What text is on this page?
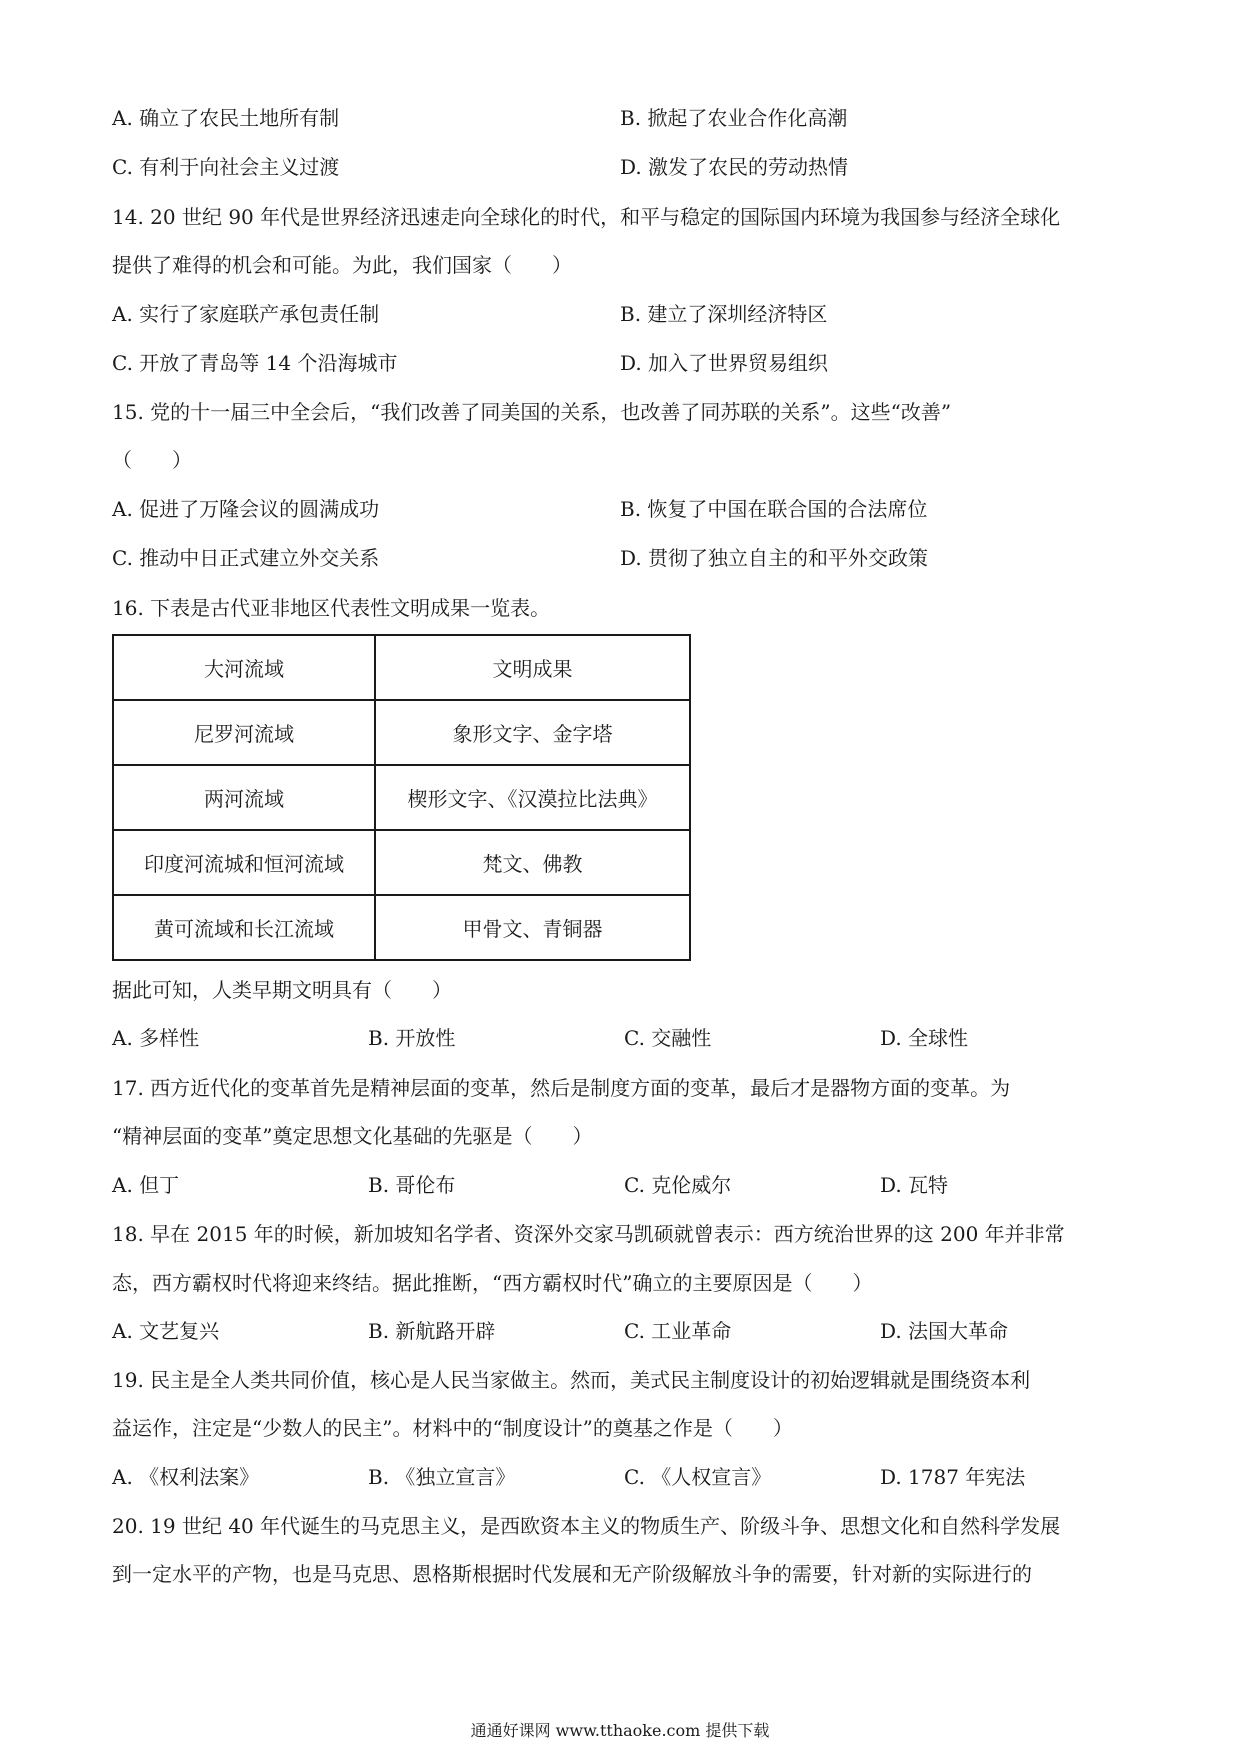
A. 确立了农民土地所有制	B. 掀起了农业合作化高潮
C. 有利于向社会主义过渡	D. 激发了农民的劳动热情
14. 20 世纪 90 年代是世界经济迅速走向全球化的时代，和平与稳定的国际国内环境为我国参与经济全球化
提供了难得的机会和可能。为此，我们国家（　　）
A. 实行了家庭联产承包责任制	B. 建立了深圳经济特区
C. 开放了青岛等 14 个沿海城市	D. 加入了世界贸易组织
15. 党的十一届三中全会后，“我们改善了同美国的关系，也改善了同苏联的关系”。这些“改善”
（　　）
A. 促进了万隆会议的圆满成功	B. 恢复了中国在联合国的合法席位
C. 推动中日正式建立外交关系	D. 贯彻了独立自主的和平外交政策
16. 下表是古代亚非地区代表性文明成果一览表。
大河流域	文明成果
尼罗河流域	象形文字、金字塔
两河流域	楔形文字、《汉漠拉比法典》
印度河流城和恒河流域	梵文、佛教
黄可流域和长江流域	甲骨文、青铜器
据此可知，人类早期文明具有（　　）
A. 多样性	B. 开放性	C. 交融性	D. 全球性
17. 西方近代化的变革首先是精神层面的变革，然后是制度方面的变革，最后才是器物方面的变革。为
“精神层面的变革”奠定思想文化基础的先驱是（　　）
A. 但丁	B. 哥伦布	C. 克伦威尔	D. 瓦特
18. 早在 2015 年的时候，新加坡知名学者、资深外交家马凯硕就曾表示：西方统治世界的这 200 年并非常
态，西方霸权时代将迎来终结。据此推断，“西方霸权时代”确立的主要原因是（　　）
A. 文艺复兴	B. 新航路开辟	C. 工业革命	D. 法国大革命
19. 民主是全人类共同价值，核心是人民当家做主。然而，美式民主制度设计的初始逻辑就是围绕资本利
益运作，注定是“少数人的民主”。材料中的“制度设计”的奠基之作是（　　）
A. 《权利法案》	B. 《独立宣言》	C. 《人权宣言》	D. 1787 年宪法
20. 19 世纪 40 年代诞生的马克思主义，是西欧资本主义的物质生产、阶级斗争、思想文化和自然科学发展
到一定水平的产物，也是马克思、恩格斯根据时代发展和无产阶级解放斗争的需要，针对新的实际进行的
通通好课网 www.tthaoke.com 提供下载
